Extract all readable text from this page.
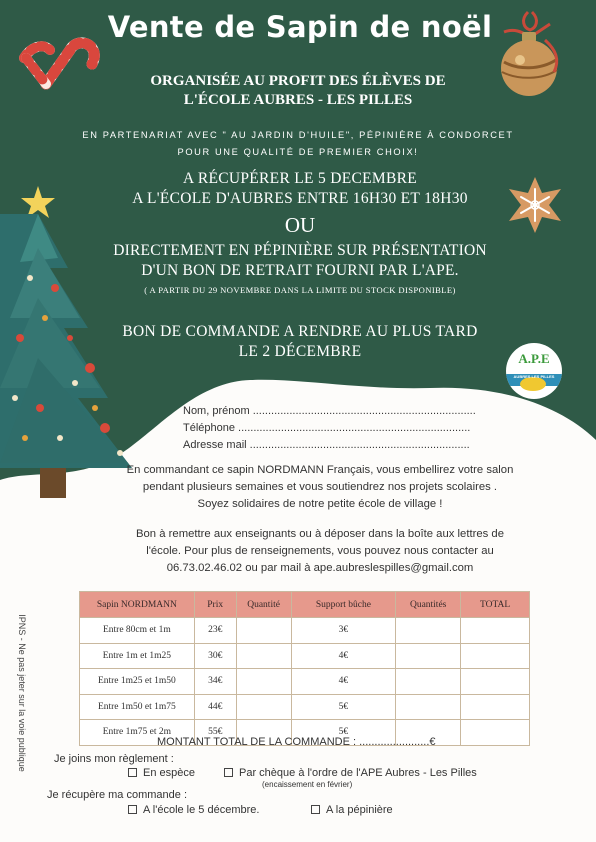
Vente de Sapin de noël
ORGANISÉE AU PROFIT DES ÉLÈVES DE
L'ÉCOLE AUBRES - LES PILLES
EN PARTENARIAT AVEC " AU JARDIN D'HUILE", PÉPINIÈRE À CONDORCET
POUR UNE QUALITÉ DE PREMIER CHOIX!
A RÉCUPÉRER LE 5 DECEMBRE
A L'ÉCOLE D'AUBRES ENTRE 16H30 ET 18H30
OU
DIRECTEMENT EN PÉPINIÈRE SUR PRÉSENTATION
D'UN BON DE RETRAIT FOURNI PAR L'APE.
( A PARTIR DU 29 NOVEMBRE DANS LA LIMITE DU STOCK DISPONIBLE)
BON DE COMMANDE A RENDRE AU PLUS TARD
LE 2 DÉCEMBRE	A.P.E
AUBRES LES PILLES
Nom, prénom .........................................................................
Téléphone ............................................................................
Adresse mail ........................................................................
En commandant ce sapin NORDMANN Français, vous embellirez votre salon
pendant plusieurs semaines et vous soutiendrez nos projets scolaires .
Soyez solidaires de notre petite école de village !
Bon à remettre aux enseignants ou à déposer dans la boîte aux lettres de
l'école. Pour plus de renseignements, vous pouvez nous contacter au
06.73.02.46.02 ou par mail à ape.aubreslespilles@gmail.com
Sapin NORDMANN	Prix	Quantité	Support bûche	Quantités	TOTAL
Entre 80cm et 1m	23€		3€		
Entre 1m et 1m25	30€		4€		
Entre 1m25 et 1m50	34€		4€		
Entre 1m50 et 1m75	44€		5€		
Entre 1m75 et 2m	55€		5€		
MONTANT TOTAL DE LA COMMANDE : .......................€
Je joins mon règlement :
En espèce	Par chèque à l'ordre de l'APE Aubres - Les Pilles
(encaissement en février)
Je récupère ma commande :
A l'école le 5 décembre.	A la pépinière
IPNS - Ne pas jeter sur la voie publique
